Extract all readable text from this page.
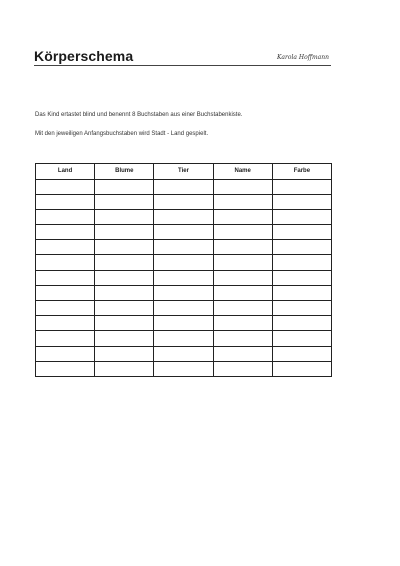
Körperschema	Karola Hoffmann
Das Kind ertastet blind und benennt 8 Buchstaben aus einer Buchstabenkiste.
Mit den jeweiligen Anfangsbuchstaben wird Stadt - Land gespielt.
Land	Blume	Tier	Name	Farbe
